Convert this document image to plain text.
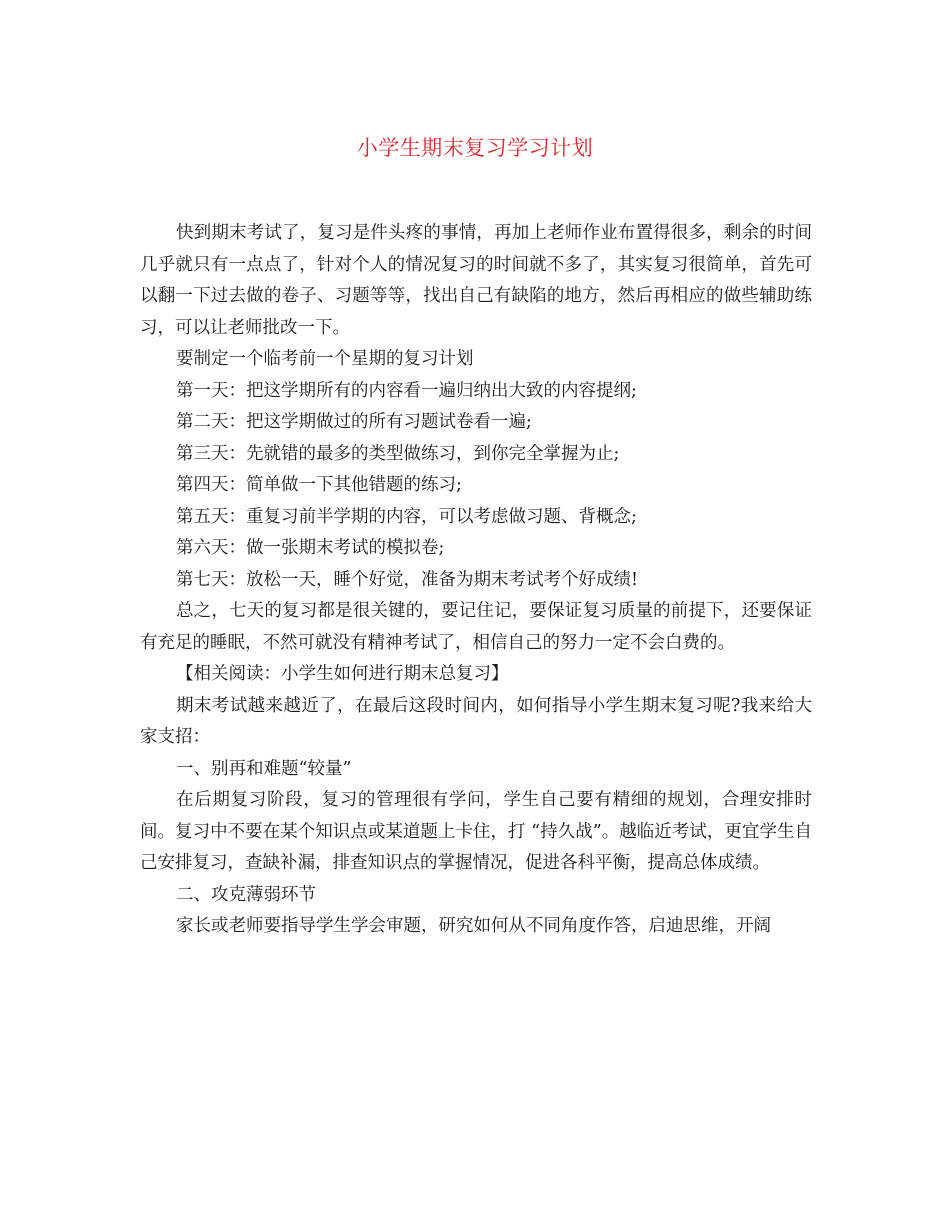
小学生期末复习学习计划

快到期末考试了，复习是件头疼的事情，再加上老师作业布置得很多，剩余的时间几乎就只有一点点了，针对个人的情况复习的时间就不多了，其实复习很简单，首先可以翻一下过去做的卷子、习题等等，找出自己有缺陷的地方，然后再相应的做些辅助练习，可以让老师批改一下。

要制定一个临考前一个星期的复习计划

第一天：把这学期所有的内容看一遍归纳出大致的内容提纲;

第二天：把这学期做过的所有习题试卷看一遍;

第三天：先就错的最多的类型做练习，到你完全掌握为止;

第四天：简单做一下其他错题的练习;

第五天：重复习前半学期的内容，可以考虑做习题、背概念;

第六天：做一张期末考试的模拟卷;

第七天：放松一天，睡个好觉，准备为期末考试考个好成绩!

总之，七天的复习都是很关键的，要记住记，要保证复习质量的前提下，还要保证有充足的睡眠，不然可就没有精神考试了，相信自己的努力一定不会白费的。

【相关阅读：小学生如何进行期末总复习】

期末考试越来越近了，在最后这段时间内，如何指导小学生期末复习呢?我来给大家支招：

一、别再和难题“较量”

在后期复习阶段，复习的管理很有学问，学生自己要有精细的规划，合理安排时间。复习中不要在某个知识点或某道题上卡住，打 “持久战”。越临近考试，更宜学生自己安排复习，查缺补漏，排查知识点的掌握情况，促进各科平衡，提高总体成绩。

二、攻克薄弱环节

家长或老师要指导学生学会审题，研究如何从不同角度作答，启迪思维，开阔
